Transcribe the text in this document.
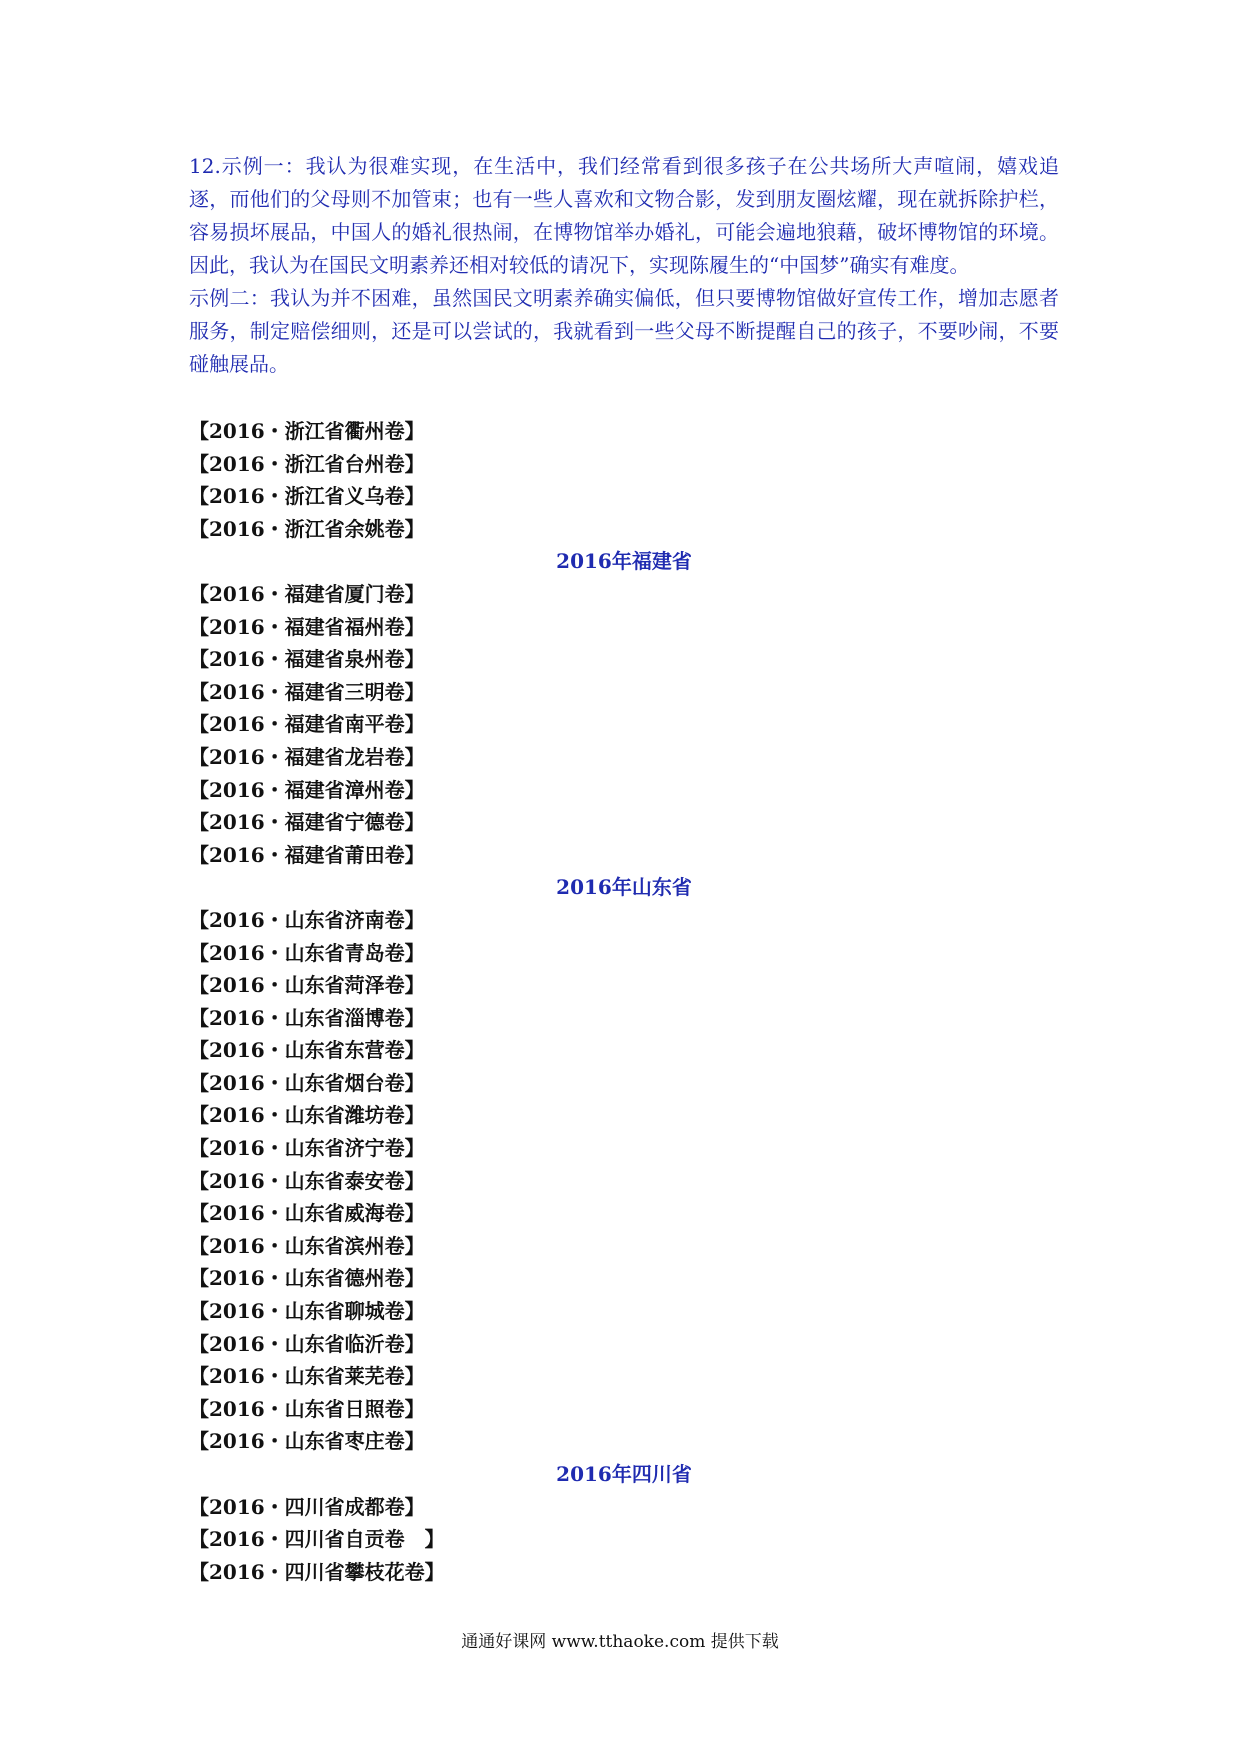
12.示例一：我认为很难实现，在生活中，我们经常看到很多孩子在公共场所大声喧闹，嬉戏追逐，而他们的父母则不加管束；也有一些人喜欢和文物合影，发到朋友圈炫耀，现在就拆除护栏，容易损坏展品，中国人的婚礼很热闹，在博物馆举办婚礼，可能会遍地狼藉，破坏博物馆的环境。因此，我认为在国民文明素养还相对较低的请况下，实现陈履生的“中国梦”确实有难度。

示例二：我认为并不困难，虽然国民文明素养确实偏低，但只要博物馆做好宣传工作，增加志愿者服务，制定赔偿细则，还是可以尝试的，我就看到一些父母不断提醒自己的孩子，不要吵闹，不要碰触展品。

【2016・浙江省衢州卷】
【2016・浙江省台州卷】
【2016・浙江省义乌卷】
【2016・浙江省余姚卷】
2016年福建省
【2016・福建省厦门卷】
【2016・福建省福州卷】
【2016・福建省泉州卷】
【2016・福建省三明卷】
【2016・福建省南平卷】
【2016・福建省龙岩卷】
【2016・福建省漳州卷】
【2016・福建省宁德卷】
【2016・福建省莆田卷】
2016年山东省
【2016・山东省济南卷】
【2016・山东省青岛卷】
【2016・山东省菏泽卷】
【2016・山东省淄博卷】
【2016・山东省东营卷】
【2016・山东省烟台卷】
【2016・山东省潍坊卷】
【2016・山东省济宁卷】
【2016・山东省泰安卷】
【2016・山东省威海卷】
【2016・山东省滨州卷】
【2016・山东省德州卷】
【2016・山东省聊城卷】
【2016・山东省临沂卷】
【2016・山东省莱芜卷】
【2016・山东省日照卷】
【2016・山东省枣庄卷】
2016年四川省
【2016・四川省成都卷】
【2016・四川省自贡卷　】
【2016・四川省攀枝花卷】
通通好课网 www.tthaoke.com 提供下载
